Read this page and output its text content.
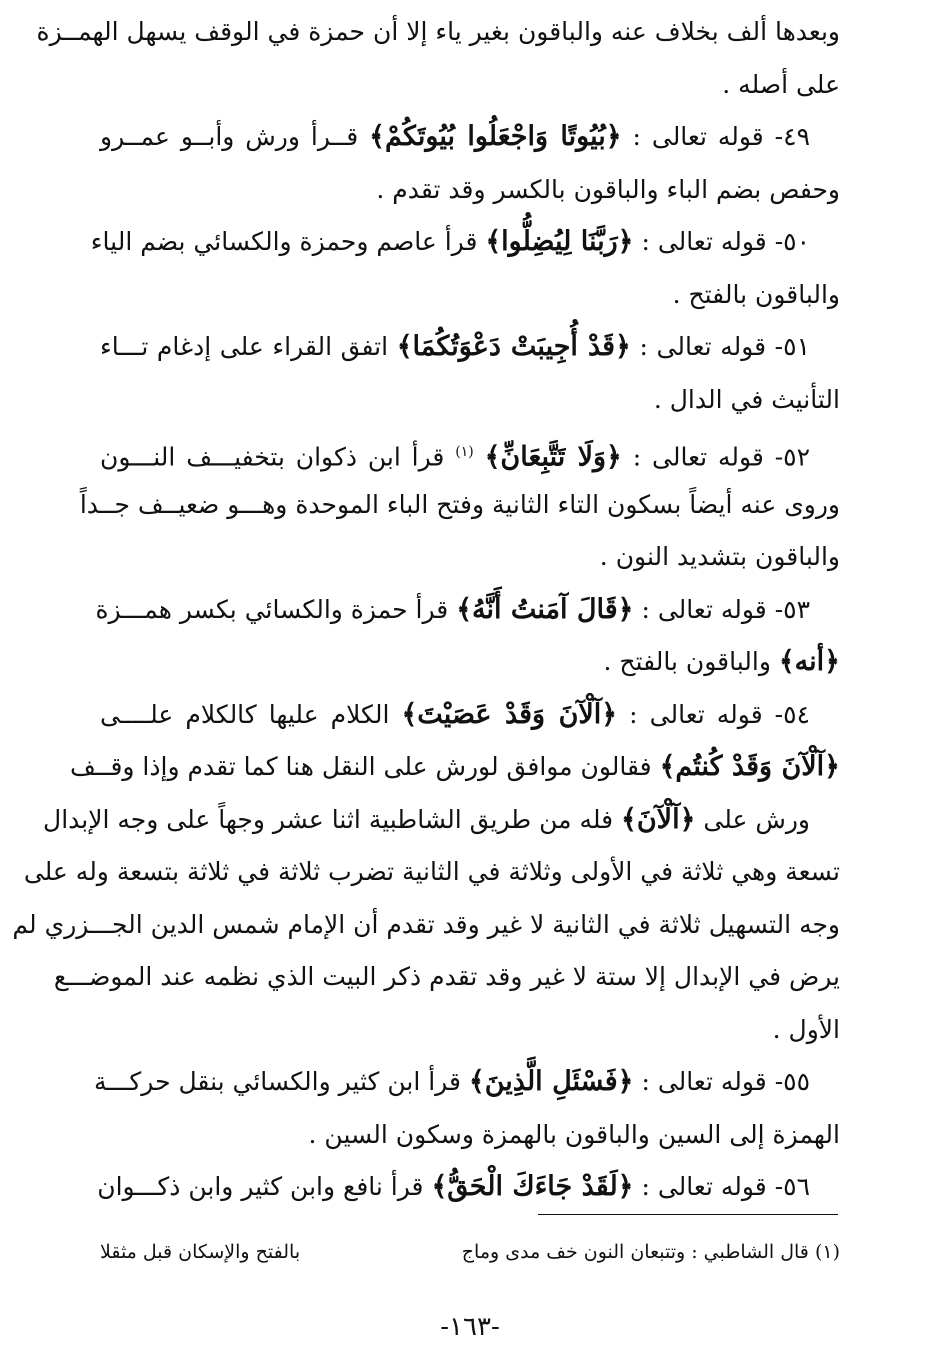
وبعدها ألف بخلاف عنه والباقون بغير ياء إلا أن حمزة في الوقف يسهل الهمــزة
على أصله .
٤٩- قوله تعالى : ﴿بُيُوتًا وَاجْعَلُوا بُيُوتَكُمْ﴾ قــرأ ورش وأبــو عمــرو
وحفص بضم الباء والباقون بالكسر وقد تقدم .
٥٠- قوله تعالى : ﴿رَبَّنَا لِيُضِلُّوا﴾ قرأ عاصم وحمزة والكسائي بضم الياء
والباقون بالفتح .
٥١- قوله تعالى : ﴿قَدْ أُجِيبَتْ دَعْوَتُكُمَا﴾ اتفق القراء على إدغام تـــاء
التأنيث في الدال .
٥٢- قوله تعالى : ﴿وَلَا تَتَّبِعَانِّ﴾ $^{(١)}$ قرأ ابن ذكوان بتخفيـــف النـــون
وروى عنه أيضاً بسكون التاء الثانية وفتح الباء الموحدة وهـــو ضعيــف جــداً
والباقون بتشديد النون .
٥٣- قوله تعالى : ﴿قَالَ آمَنتُ أَنَّهُ﴾ قرأ حمزة والكسائي بكسر همـــزة
﴿أنه﴾ والباقون بالفتح .
٥٤- قوله تعالى : ﴿آلْآنَ وَقَدْ عَصَيْتَ﴾ الكلام عليها كالكلام علــــى
﴿آلْآنَ وَقَدْ كُنتُم﴾ فقالون موافق لورش على النقل هنا كما تقدم وإذا وقــف
ورش على ﴿آلْآنَ﴾ فله من طريق الشاطبية اثنا عشر وجهاً على وجه الإبدال
تسعة وهي ثلاثة في الأولى وثلاثة في الثانية تضرب ثلاثة في ثلاثة بتسعة وله على
وجه التسهيل ثلاثة في الثانية لا غير وقد تقدم أن الإمام شمس الدين الجـــزري لم
يرض في الإبدال إلا ستة لا غير وقد تقدم ذكر البيت الذي نظمه عند الموضـــع
الأول .
٥٥- قوله تعالى : ﴿فَسْئَلِ الَّذِينَ﴾ قرأ ابن كثير والكسائي بنقل حركـــة
الهمزة إلى السين والباقون بالهمزة وسكون السين .
٥٦- قوله تعالى : ﴿لَقَدْ جَاءَكَ الْحَقُّ﴾ قرأ نافع وابن كثير وابن ذكـــوان
(١) قال الشاطبي : وتتبعان النون خف مدى وماج
بالفتح والإسكان قبل مثقلا
-١٦٣-
